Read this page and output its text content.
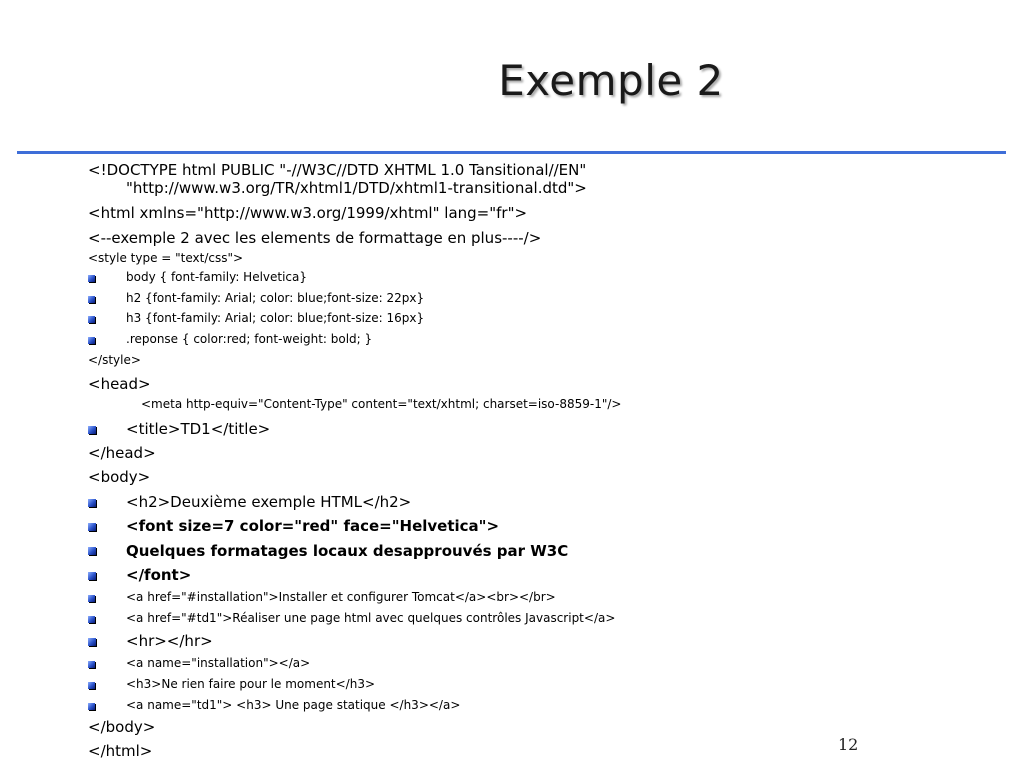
Exemple 2
<!DOCTYPE html PUBLIC "-//W3C//DTD XHTML 1.0 Tansitional//EN"
"http://www.w3.org/TR/xhtml1/DTD/xhtml1-transitional.dtd">
<html xmlns="http://www.w3.org/1999/xhtml" lang="fr">
<--exemple 2 avec les elements de formattage en plus----/>
<style type = "text/css">
body { font-family: Helvetica}
h2 {font-family: Arial; color: blue;font-size: 22px}
h3 {font-family: Arial; color: blue;font-size: 16px}
.reponse { color:red; font-weight: bold; }
</style>
<head>
<meta http-equiv="Content-Type" content="text/xhtml; charset=iso-8859-1"/>
<title>TD1</title>
</head>
<body>
<h2>Deuxième exemple HTML</h2>
<font size=7 color="red" face="Helvetica">
Quelques formatages locaux desapprouvés par W3C
</font>
<a href="#installation">Installer et configurer Tomcat</a><br></br>
<a href="#td1">Réaliser une page html avec quelques contrôles Javascript</a>
<hr></hr>
<a name="installation"></a>
<h3>Ne rien faire pour le moment</h3>
<a name="td1"> <h3> Une page statique </h3></a>
</body>
</html>	12
